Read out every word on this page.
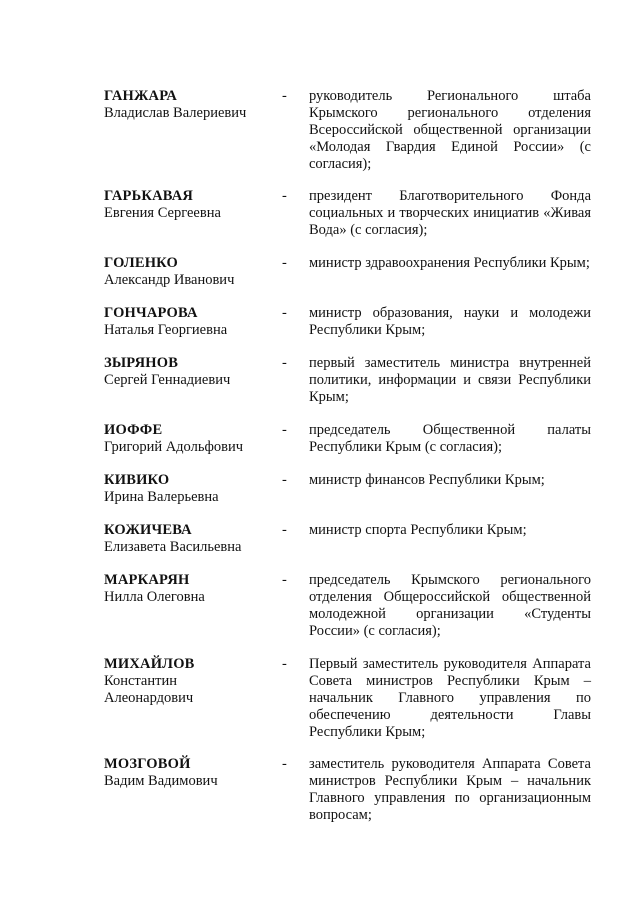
ГАНЖАРА
Владислав Валериевич
- руководитель Регионального штаба Крымского регионального отделения Всероссийской общественной организации «Молодая Гвардия Единой России» (с согласия);
ГАРЬКАВАЯ
Евгения Сергеевна
- президент Благотворительного Фонда социальных и творческих инициатив «Живая Вода» (с согласия);
ГОЛЕНКО
Александр Иванович
- министр здравоохранения Республики Крым;
ГОНЧАРОВА
Наталья Георгиевна
- министр образования, науки и молодежи Республики Крым;
ЗЫРЯНОВ
Сергей Геннадиевич
- первый заместитель министра внутренней политики, информации и связи Республики Крым;
ИОФФЕ
Григорий Адольфович
- председатель Общественной палаты Республики Крым (с согласия);
КИВИКО
Ирина Валерьевна
- министр финансов Республики Крым;
КОЖИЧЕВА
Елизавета Васильевна
- министр спорта Республики Крым;
МАРКАРЯН
Нилла Олеговна
- председатель Крымского регионального отделения Общероссийской общественной молодежной организации «Студенты России» (с согласия);
МИХАЙЛОВ
Константин Алеонардович
- Первый заместитель руководителя Аппарата Совета министров Республики Крым – начальник Главного управления по обеспечению деятельности Главы Республики Крым;
МОЗГОВОЙ
Вадим Вадимович
- заместитель руководителя Аппарата Совета министров Республики Крым – начальник Главного управления по организационным вопросам;
